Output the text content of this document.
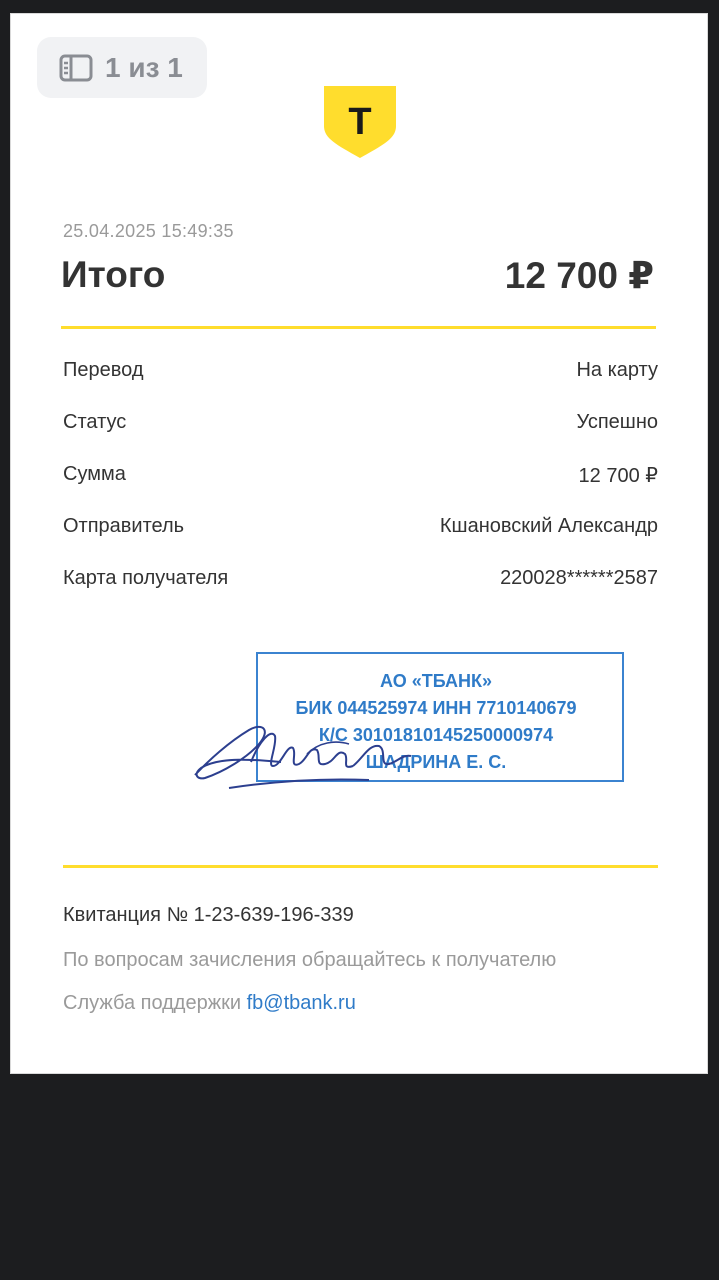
1 из 1
Т
25.04.2025 15:49:35
Итого	12 700 ₽
Перевод	На карту
Статус	Успешно
Сумма	12 700 ₽
Отправитель	Кшановский Александр
Карта получателя	220028******2587
АО «ТБАНК»
БИК 044525974 ИНН 7710140679
К/С 30101810145250000974
ШАДРИНА Е. С.
Квитанция № 1-23-639-196-339
По вопросам зачисления обращайтесь к получателю
Служба поддержки fb@tbank.ru
